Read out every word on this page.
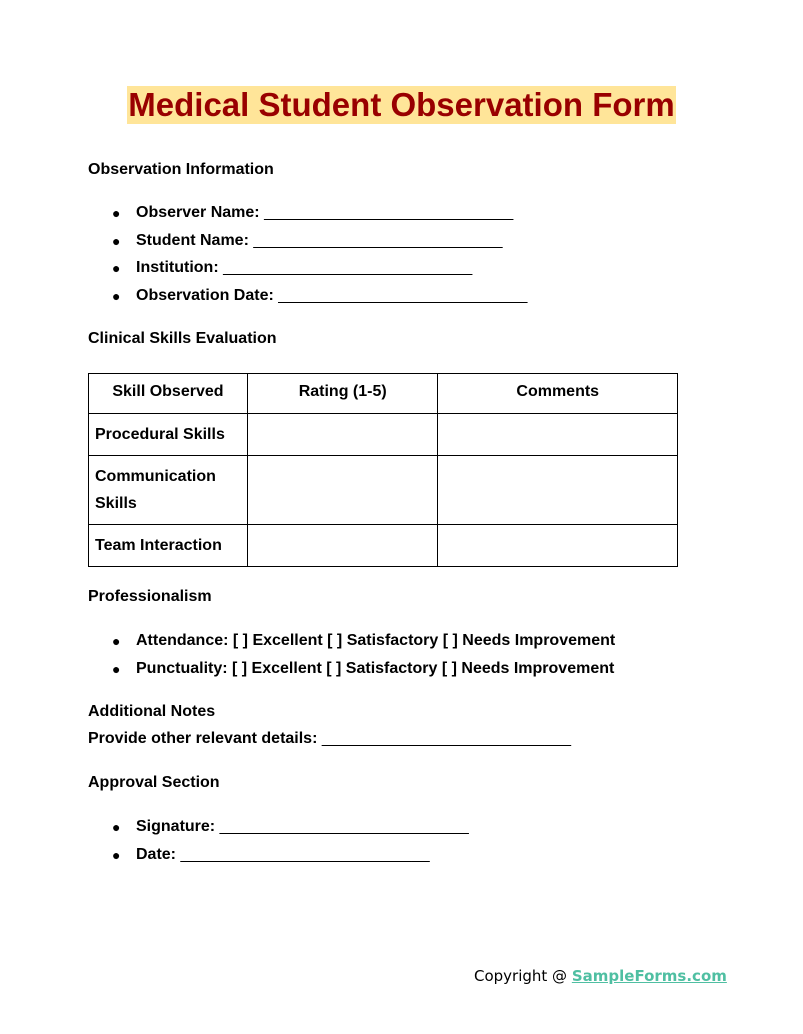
Medical Student Observation Form
Observation Information
● Observer Name: ____________________________
● Student Name: ____________________________
● Institution: ____________________________
● Observation Date: ____________________________
Clinical Skills Evaluation
Skill Observed	Rating (1-5)	Comments
Procedural Skills		
Communication Skills		
Team Interaction		
Professionalism
● Attendance: [ ] Excellent [ ] Satisfactory [ ] Needs Improvement
● Punctuality: [ ] Excellent [ ] Satisfactory [ ] Needs Improvement
Additional Notes
Provide other relevant details: ____________________________
Approval Section
● Signature: ____________________________
● Date: ____________________________
Copyright @ SampleForms.com
